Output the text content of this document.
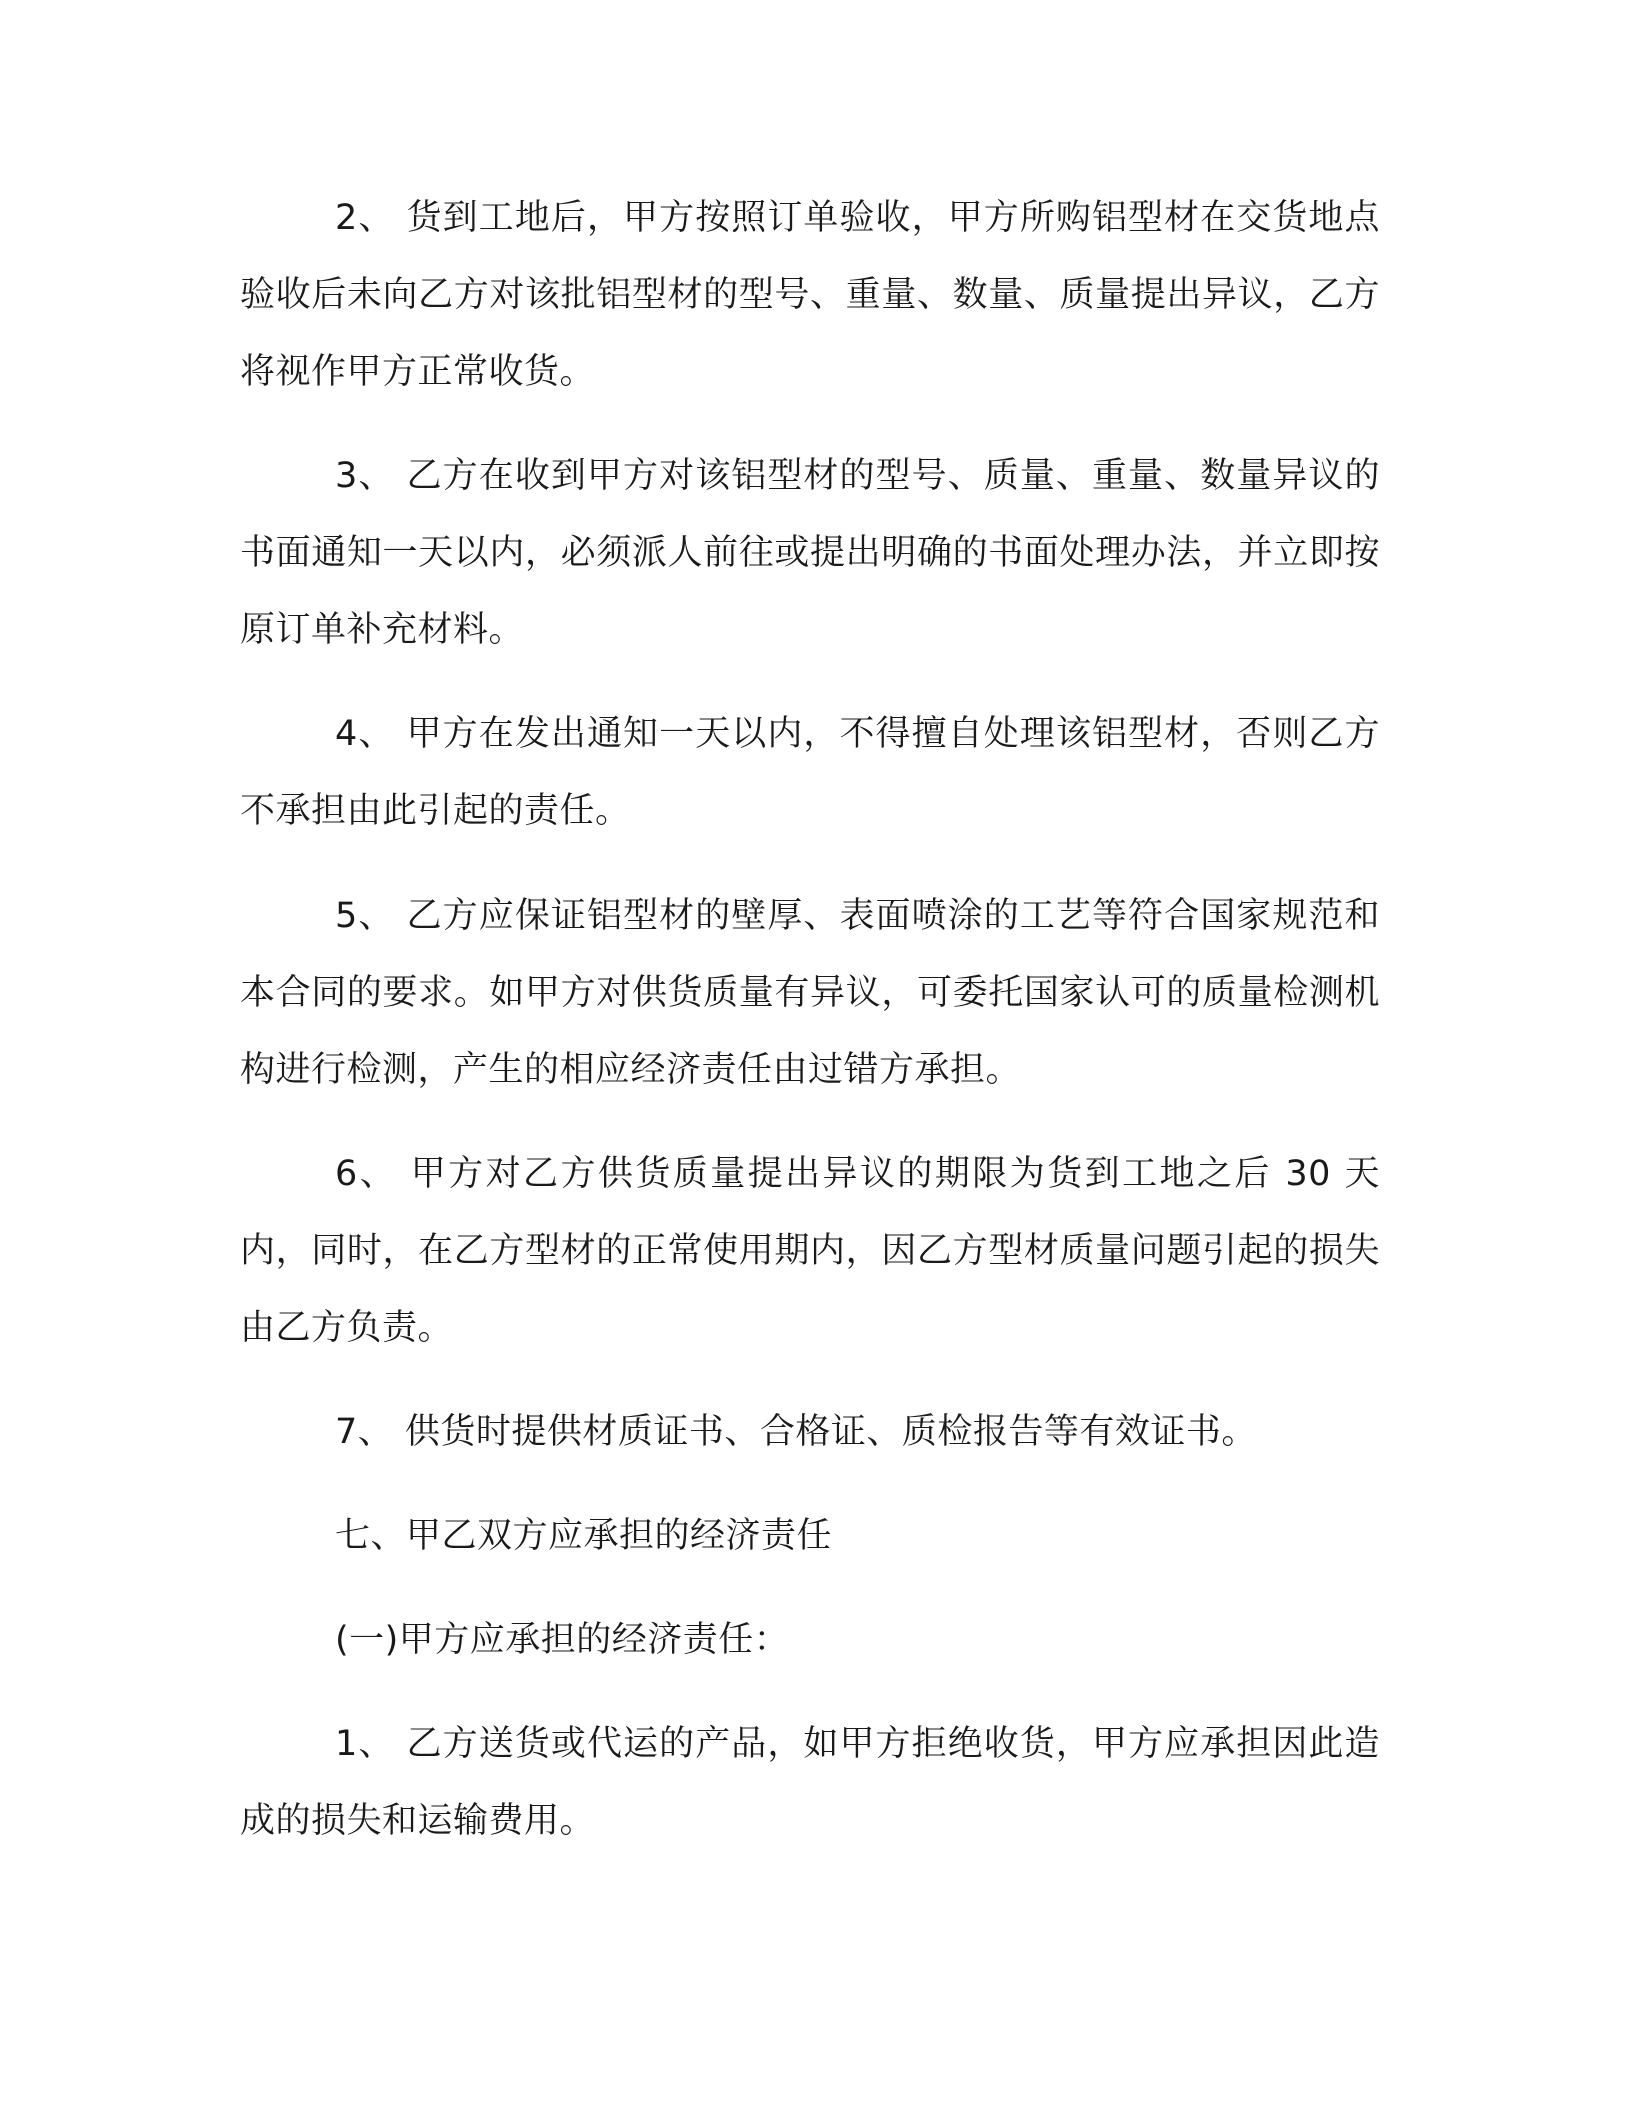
2、 货到工地后，甲方按照订单验收，甲方所购铝型材在交货地点验收后未向乙方对该批铝型材的型号、重量、数量、质量提出异议，乙方将视作甲方正常收货。

3、 乙方在收到甲方对该铝型材的型号、质量、重量、数量异议的书面通知一天以内，必须派人前往或提出明确的书面处理办法，并立即按原订单补充材料。

4、 甲方在发出通知一天以内，不得擅自处理该铝型材，否则乙方不承担由此引起的责任。

5、 乙方应保证铝型材的壁厚、表面喷涂的工艺等符合国家规范和本合同的要求。如甲方对供货质量有异议，可委托国家认可的质量检测机构进行检测，产生的相应经济责任由过错方承担。

6、 甲方对乙方供货质量提出异议的期限为货到工地之后 30 天内，同时，在乙方型材的正常使用期内，因乙方型材质量问题引起的损失由乙方负责。

7、 供货时提供材质证书、合格证、质检报告等有效证书。

七、甲乙双方应承担的经济责任

(一)甲方应承担的经济责任：

1、 乙方送货或代运的产品，如甲方拒绝收货，甲方应承担因此造成的损失和运输费用。
